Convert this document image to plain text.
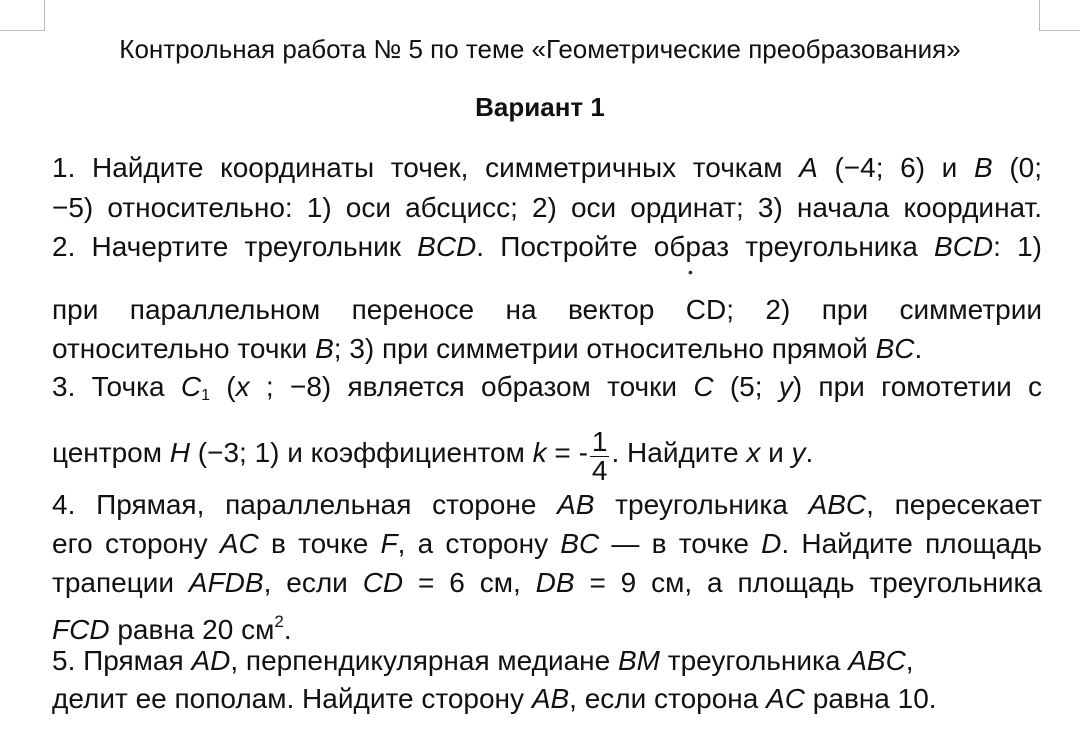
Контрольная работа № 5 по теме «Геометрические преобразования»
Вариант 1
1. Найдите координаты точек, симметричных точкам A (−4; 6) и B (0;
−5) относительно: 1) оси абсцисс; 2) оси ординат; 3) начала координат.
2. Начертите треугольник BCD. Постройте образ треугольника BCD: 1)
•
при параллельном переносе на вектор CD; 2) при симметрии
относительно точки B; 3) при симметрии относительно прямой BC.
3. Точка $C_1$ (x ; −8) является образом точки C (5; y) при гомотетии с
центром H (−3; 1) и коэффициентом k = - $\frac{1}{4}$ . Найдите x и y.
4. Прямая, параллельная стороне AB треугольника ABC, пересекает
его сторону AC в точке F, а сторону BC — в точке D. Найдите площадь
трапеции AFDB, если CD = 6 см, DB = 9 см, а площадь треугольника
FCD равна 20 $см^2$.
5. Прямая AD, перпендикулярная медиане BM треугольника ABC,
делит ее пополам. Найдите сторону AB, если сторона AC равна 10.
